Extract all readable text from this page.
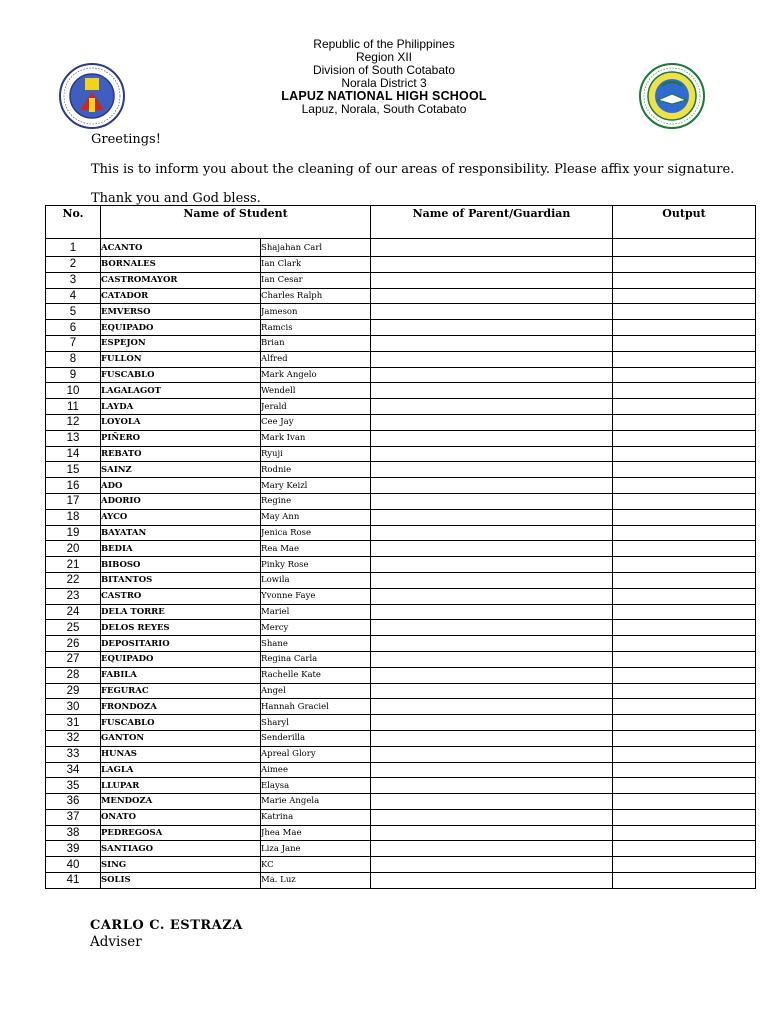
Republic of the Philippines
Region XII
Division of South Cotabato
Norala District 3
LAPUZ NATIONAL HIGH SCHOOL
Lapuz, Norala, South Cotabato
Greetings!
This is to inform you about the cleaning of our areas of responsibility. Please affix your signature.
Thank you and God bless.
No.	Name of Student		Name of Parent/Guardian	Output
1	ACANTO	Shajahan Carl		
2	BORNALES	Ian Clark		
3	CASTROMAYOR	Ian Cesar		
4	CATADOR	Charles Ralph		
5	EMVERSO	Jameson		
6	EQUIPADO	Ramcis		
7	ESPEJON	Brian		
8	FULLON	Alfred		
9	FUSCABLO	Mark Angelo		
10	LAGALAGOT	Wendell		
11	LAYDA	Jerald		
12	LOYOLA	Cee Jay		
13	PIÑERO	Mark Ivan		
14	REBATO	Ryuji		
15	SAINZ	Rodnie		
16	ADO	Mary Keizl		
17	ADORIO	Regine		
18	AYCO	May Ann		
19	BAYATAN	Jenica Rose		
20	BEDIA	Rea Mae		
21	BIBOSO	Pinky Rose		
22	BITANTOS	Lowila		
23	CASTRO	Yvonne Faye		
24	DELA TORRE	Mariel		
25	DELOS REYES	Mercy		
26	DEPOSITARIO	Shane		
27	EQUIPADO	Regina Carla		
28	FABILA	Rachelle Kate		
29	FEGURAC	Angel		
30	FRONDOZA	Hannah Graciel		
31	FUSCABLO	Sharyl		
32	GANTON	Senderilla		
33	HUNAS	Apreal Glory		
34	LAGLA	Aimee		
35	LLUPAR	Elaysa		
36	MENDOZA	Marie Angela		
37	ONATO	Katrina		
38	PEDREGOSA	Jhea Mae		
39	SANTIAGO	Liza Jane		
40	SING	KC		
41	SOLIS	Ma. Luz		
CARLO C. ESTRAZA
Adviser
